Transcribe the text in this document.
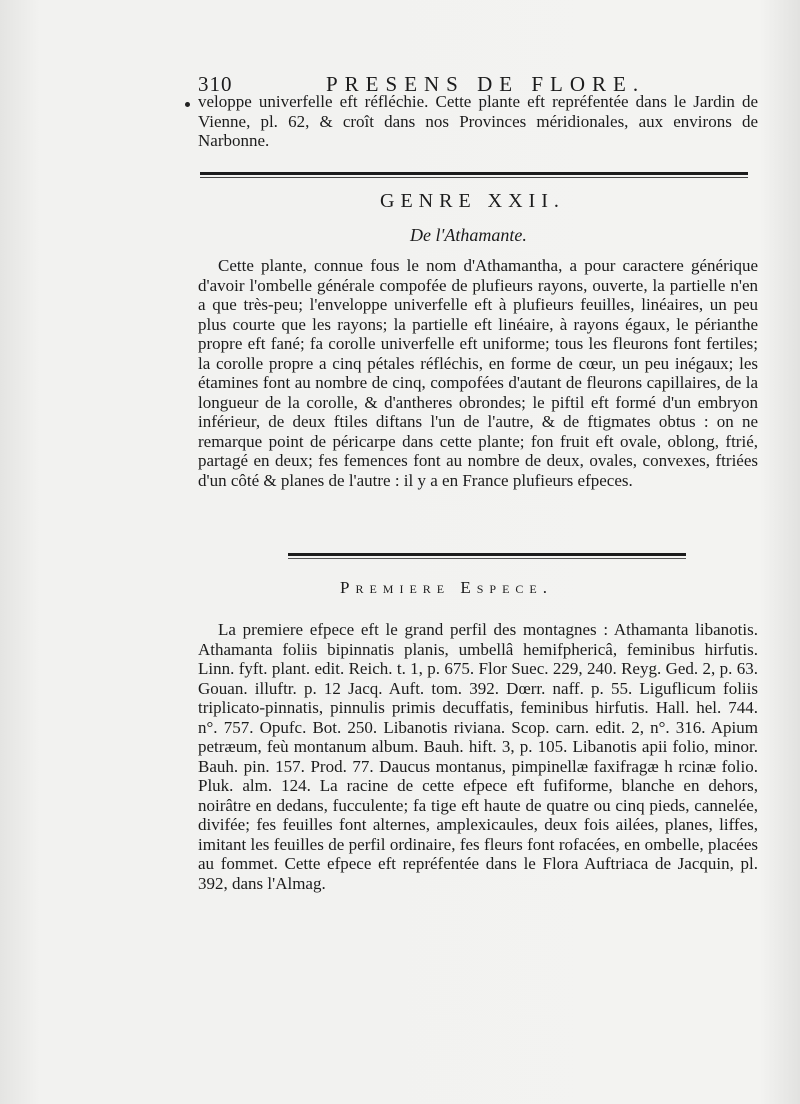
310	PRESENS DE FLORE.

veloppe univerfelle eft réfléchie. Cette plante eft repréfentée dans le Jardin de Vienne, pl. 62, & croît dans nos Provinces méridionales, aux environs de Narbonne.

GENRE XXII.
De l'Athamante.

Cette plante, connue fous le nom d'Athamantha, a pour caractere générique d'avoir l'ombelle générale compofée de plufieurs rayons, ouverte, la partielle n'en a que très-peu; l'enveloppe univerfelle eft à plufieurs feuilles, linéaires, un peu plus courte que les rayons; la partielle eft linéaire, à rayons égaux, le périanthe propre eft fané; fa corolle univerfelle eft uniforme; tous les fleurons font fertiles; la corolle propre a cinq pétales réfléchis, en forme de cœur, un peu inégaux; les étamines font au nombre de cinq, compofées d'autant de fleurons capillaires, de la longueur de la corolle, & d'antheres obrondes; le piftil eft formé d'un embryon inférieur, de deux ftiles diftans l'un de l'autre, & de ftigmates obtus : on ne remarque point de péricarpe dans cette plante; fon fruit eft ovale, oblong, ftrié, partagé en deux; fes femences font au nombre de deux, ovales, convexes, ftriées d'un côté & planes de l'autre : il y a en France plufieurs efpeces.

Premiere Espece.

La premiere efpece eft le grand perfil des montagnes : Athamanta libanotis. Athamanta foliis bipinnatis planis, umbellâ hemifphericâ, feminibus hirfutis. Linn. fyft. plant. edit. Reich. t. 1, p. 675. Flor Suec. 229, 240. Reyg. Ged. 2, p. 63. Gouan. illuftr. p. 12 Jacq. Auft. tom. 392. Dœrr. naff. p. 55. Liguflicum foliis triplicato-pinnatis, pinnulis primis decuffatis, feminibus hirfutis. Hall. hel. 744. n°. 757. Opufc. Bot. 250. Libanotis riviana. Scop. carn. edit. 2, n°. 316. Apium petræum, feù montanum album. Bauh. hift. 3, p. 105. Libanotis apii folio, minor. Bauh. pin. 157. Prod. 77. Daucus montanus, pimpinellæ faxifragæ h rcinæ folio. Pluk. alm. 124. La racine de cette efpece eft fufiforme, blanche en dehors, noirâtre en dedans, fucculente; fa tige eft haute de quatre ou cinq pieds, cannelée, divifée; fes feuilles font alternes, amplexicaules, deux fois ailées, planes, liffes, imitant les feuilles de perfil ordinaire, fes fleurs font rofacées, en ombelle, placées au fommet. Cette efpece eft repréfentée dans le Flora Auftriaca de Jacquin, pl. 392, dans l'Almag.
